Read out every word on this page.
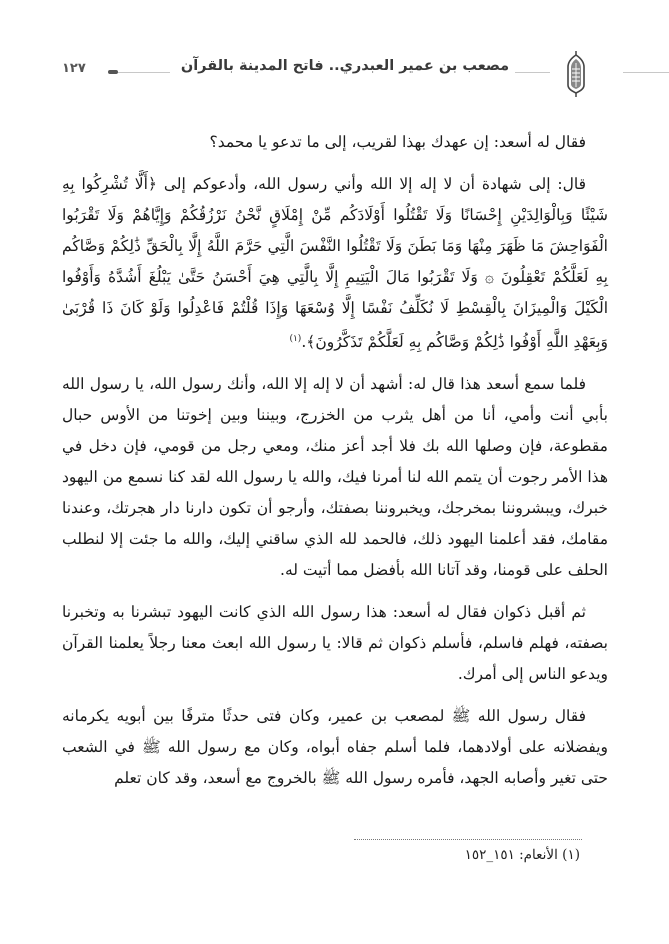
مصعب بن عمير العبدري.. فاتح المدينة بالقرآن
١٢٧

فقال له أسعد: إن عهدك بهذا لقريب، إلى ما تدعو يا محمد؟

قال: إلى شهادة أن لا إله إلا الله وأني رسول الله، وأدعوكم إلى ﴿أَلَّا تُشْرِكُوا بِهِ شَيْئًا وَبِالْوَالِدَيْنِ إِحْسَانًا وَلَا تَقْتُلُوا أَوْلَادَكُم مِّنْ إِمْلَاقٍ نَّحْنُ نَرْزُقُكُمْ وَإِيَّاهُمْ وَلَا تَقْرَبُوا الْفَوَاحِشَ مَا ظَهَرَ مِنْهَا وَمَا بَطَنَ وَلَا تَقْتُلُوا النَّفْسَ الَّتِي حَرَّمَ اللَّهُ إِلَّا بِالْحَقِّ ذَٰلِكُمْ وَصَّاكُم بِهِ لَعَلَّكُمْ تَعْقِلُونَ ۞ وَلَا تَقْرَبُوا مَالَ الْيَتِيمِ إِلَّا بِالَّتِي هِيَ أَحْسَنُ حَتَّىٰ يَبْلُغَ أَشُدَّهُ وَأَوْفُوا الْكَيْلَ وَالْمِيزَانَ بِالْقِسْطِ لَا نُكَلِّفُ نَفْسًا إِلَّا وُسْعَهَا وَإِذَا قُلْتُمْ فَاعْدِلُوا وَلَوْ كَانَ ذَا قُرْبَىٰ وَبِعَهْدِ اللَّهِ أَوْفُوا ذَٰلِكُمْ وَصَّاكُم بِهِ لَعَلَّكُمْ تَذَكَّرُونَ﴾.$^{(١)}$

فلما سمع أسعد هذا قال له: أشهد أن لا إله إلا الله، وأنك رسول الله، يا رسول الله بأبي أنت وأمي، أنا من أهل يثرب من الخزرج، وبيننا وبين إخوتنا من الأوس حبال مقطوعة، فإن وصلها الله بك فلا أجد أعز منك، ومعي رجل من قومي، فإن دخل في هذا الأمر رجوت أن يتمم الله لنا أمرنا فيك، والله يا رسول الله لقد كنا نسمع من اليهود خبرك، ويبشروننا بمخرجك، ويخبروننا بصفتك، وأرجو أن تكون دارنا دار هجرتك، وعندنا مقامك، فقد أعلمنا اليهود ذلك، فالحمد لله الذي ساقني إليك، والله ما جئت إلا لنطلب الحلف على قومنا، وقد آتانا الله بأفضل مما أتيت له.

ثم أقبل ذكوان فقال له أسعد: هذا رسول الله الذي كانت اليهود تبشرنا به وتخبرنا بصفته، فهلم فاسلم، فأسلم ذكوان ثم قالا: يا رسول الله ابعث معنا رجلاً يعلمنا القرآن ويدعو الناس إلى أمرك.

فقال رسول الله ﷺ لمصعب بن عمير، وكان فتى حدثًا مترفًا بين أبويه يكرمانه ويفضلانه على أولادهما، فلما أسلم جفاه أبواه، وكان مع رسول الله ﷺ في الشعب حتى تغير وأصابه الجهد، فأمره رسول الله ﷺ بالخروج مع أسعد، وقد كان تعلم

(١) الأنعام: ١٥١_١٥٢
